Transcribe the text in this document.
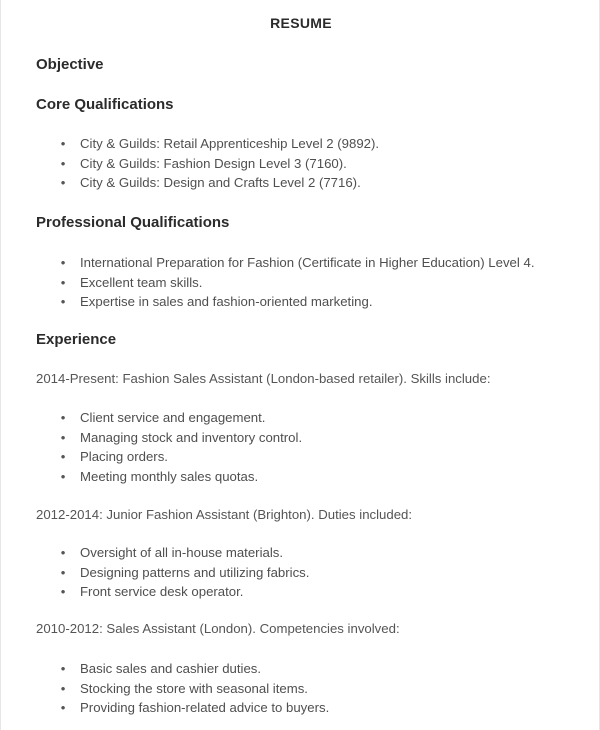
RESUME
Objective
Core Qualifications
• City & Guilds: Retail Apprenticeship Level 2 (9892).
• City & Guilds: Fashion Design Level 3 (7160).
• City & Guilds: Design and Crafts Level 2 (7716).
Professional Qualifications
• International Preparation for Fashion (Certificate in Higher Education) Level 4.
• Excellent team skills.
• Expertise in sales and fashion-oriented marketing.
Experience
2014-Present: Fashion Sales Assistant (London-based retailer). Skills include:
• Client service and engagement.
• Managing stock and inventory control.
• Placing orders.
• Meeting monthly sales quotas.
2012-2014: Junior Fashion Assistant (Brighton). Duties included:
• Oversight of all in-house materials.
• Designing patterns and utilizing fabrics.
• Front service desk operator.
2010-2012: Sales Assistant (London). Competencies involved:
• Basic sales and cashier duties.
• Stocking the store with seasonal items.
• Providing fashion-related advice to buyers.
